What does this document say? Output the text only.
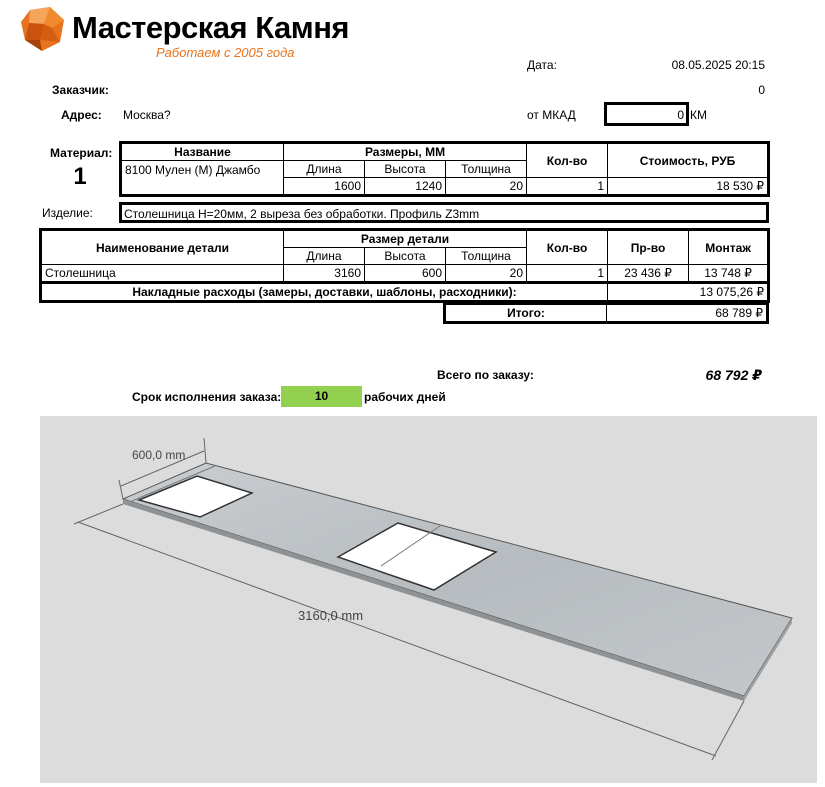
Мастерская Камня
Работаем с 2005 года
Дата:	08.05.2025 20:15
Заказчик:	0
Адрес: Москва?	от МКАД	0 КМ
Материал:
1
Название	Размеры, ММ			Кол-во	Стоимость, РУБ
8100 Мулен (M) Джамбо	Длина	Высота	Толщина		
	1600	1240	20	1	18 530 ₽
Изделие:	Столешница Н=20мм, 2 выреза без обработки. Профиль Z3mm
Наименование детали	Размер детали			Кол-во	Пр-во	Монтаж
	Длина	Высота	Толщина			
Столешница	3160	600	20	1	23 436 ₽	13 748 ₽
Накладные расходы (замеры, доставки, шаблоны, расходники):					13 075,26 ₽	
Итого:	68 789 ₽
Всего по заказу:	68 792 ₽
Срок исполнения заказа:	10	рабочих дней
600,0 mm
3160,0 mm
